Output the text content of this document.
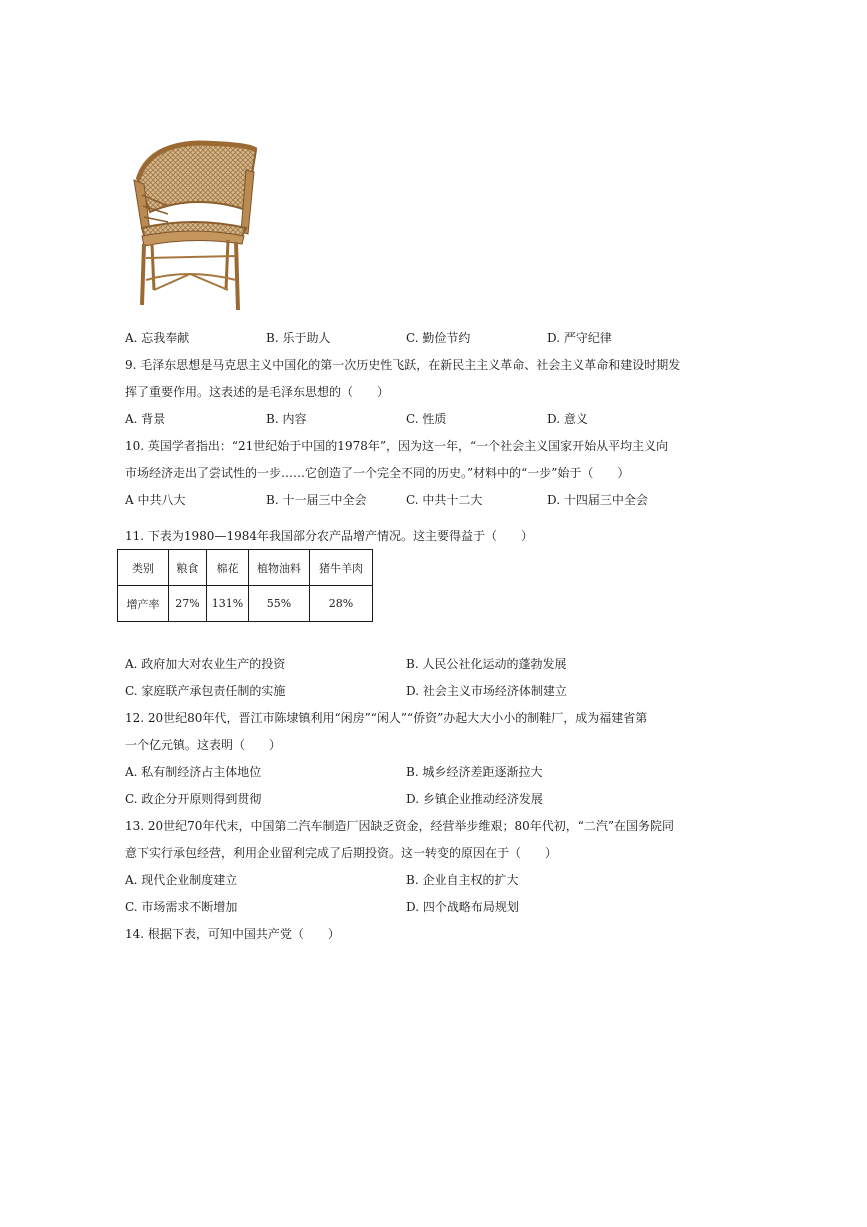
A. 忘我奉献	B. 乐于助人	C. 勤俭节约	D. 严守纪律
9. 毛泽东思想是马克思主义中国化的第一次历史性飞跃，在新民主主义革命、社会主义革命和建设时期发
挥了重要作用。这表述的是毛泽东思想的（　　）
A. 背景	B. 内容	C. 性质	D. 意义
10. 英国学者指出：“21世纪始于中国的1978年”，因为这一年，“一个社会主义国家开始从平均主义向
市场经济走出了尝试性的一步……它创造了一个完全不同的历史。”材料中的“一步”始于（　　）
A 中共八大	B. 十一届三中全会	C. 中共十二大	D. 十四届三中全会
11. 下表为1980—1984年我国部分农产品增产情况。这主要得益于（　　）
类别	粮食	棉花	植物油料	猪牛羊肉
增产率	27%	131%	55%	28%
A. 政府加大对农业生产的投资	B. 人民公社化运动的蓬勃发展
C. 家庭联产承包责任制的实施	D. 社会主义市场经济体制建立
12. 20世纪80年代，晋江市陈埭镇利用“闲房”“闲人”“侨资”办起大大小小的制鞋厂，成为福建省第
一个亿元镇。这表明（　　）
A. 私有制经济占主体地位	B. 城乡经济差距逐渐拉大
C. 政企分开原则得到贯彻	D. 乡镇企业推动经济发展
13. 20世纪70年代末，中国第二汽车制造厂因缺乏资金，经营举步维艰；80年代初，“二汽”在国务院同
意下实行承包经营，利用企业留利完成了后期投资。这一转变的原因在于（　　）
A. 现代企业制度建立	B. 企业自主权的扩大
C. 市场需求不断增加	D. 四个战略布局规划
14. 根据下表，可知中国共产党（　　）
